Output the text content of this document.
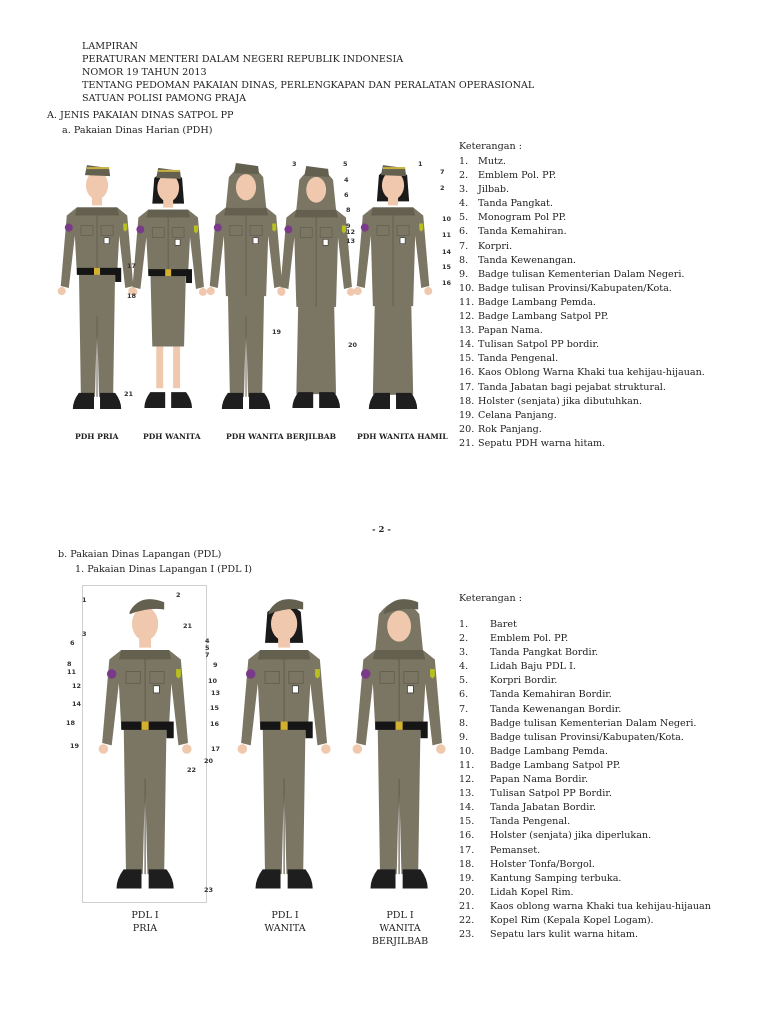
LAMPIRAN
PERATURAN MENTERI DALAM NEGERI REPUBLIK INDONESIA
NOMOR 19 TAHUN 2013
TENTANG PEDOMAN PAKAIAN DINAS, PERLENGKAPAN DAN PERALATAN OPERASIONAL
SATUAN POLISI PAMONG PRAJA
A. JENIS PAKAIAN DINAS SATPOL PP
a. Pakaian Dinas Harian (PDH)
Keterangan :
1.	Mutz.
2.	Emblem Pol. PP.
3.	Jilbab.
4.	Tanda Pangkat.
5.	Monogram Pol PP.
6.	Tanda Kemahiran.
7.	Korpri.
8.	Tanda Kewenangan.
9.	Badge tulisan Kementerian Dalam Negeri.
10. Badge tulisan Provinsi/Kabupaten/Kota.
11. Badge Lambang Pemda.
12. Badge Lambang Satpol PP.
13. Papan Nama.
14. Tulisan Satpol PP bordir.
15. Tanda Pengenal.
16. Kaos Oblong Warna Khaki tua kehijau-hijauan.
17. Tanda Jabatan bagi pejabat struktural.
18. Holster (senjata) jika dibutuhkan.
19. Celana Panjang.
20. Rok Panjang.
21. Sepatu PDH warna hitam.
PDH PRIA	PDH WANITA	PDH WANITA BERJILBAB	PDH WANITA HAMIL
- 2 -
b. Pakaian Dinas Lapangan (PDL)
1. Pakaian Dinas Lapangan I (PDL I)
Keterangan :
1.	Baret
2.	Emblem Pol. PP.
3.	Tanda Pangkat Bordir.
4.	Lidah Baju PDL I.
5.	Korpri Bordir.
6.	Tanda Kemahiran Bordir.
7.	Tanda Kewenangan Bordir.
8.	Badge tulisan Kementerian Dalam Negeri.
9.	Badge tulisan Provinsi/Kabupaten/Kota.
10.	Badge Lambang Pemda.
11.	Badge Lambang Satpol PP.
12.	Papan Nama Bordir.
13.	Tulisan Satpol PP Bordir.
14.	Tanda Jabatan Bordir.
15.	Tanda Pengenal.
16.	Holster (senjata) jika diperlukan.
17.	Pemanset.
18.	Holster Tonfa/Borgol.
19.	Kantung Samping terbuka.
20.	Lidah Kopel Rim.
21.	Kaos oblong warna Khaki tua kehijau-hijauan
22.	Kopel Rim (Kepala Kopel Logam).
23.	Sepatu lars kulit warna hitam.
PDL I
PRIA
PDL I
WANITA
PDL I
WANITA
BERJILBAB
17
18
21
3
19
20
5	1
2
4
7
6
8
9
10
12	11
13
14
15
16
1
2
21
3
4
5
6
7
8	9
11
10
12
13
14	15
18	16
19	17
20
22
23
